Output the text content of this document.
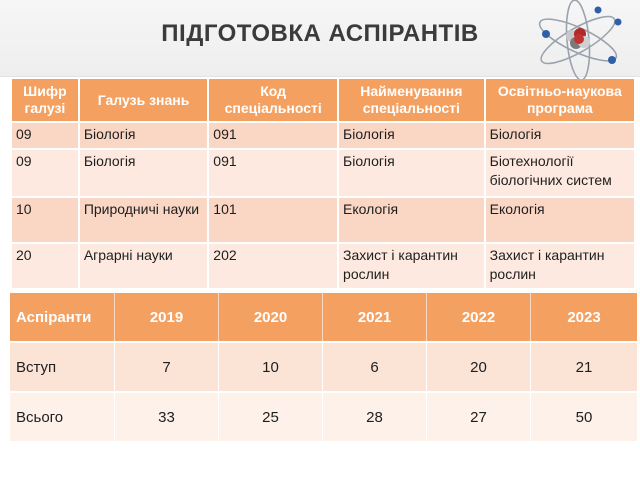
ПІДГОТОВКА АСПІРАНТІВ
Шифр галузі	Галузь знань	Код спеціальності	Найменування спеціальності	Освітньо-наукова програма
09	Біологія	091	Біологія	Біологія
09	Біологія	091	Біологія	Біотехнології біологічних систем
10	Природничі науки	101	Екологія	Екологія
20	Аграрні науки	202	Захист і карантин рослин	Захист і карантин рослин
Аспіранти	2019	2020	2021	2022	2023
Вступ	7	10	6	20	21
Всього	33	25	28	27	50
